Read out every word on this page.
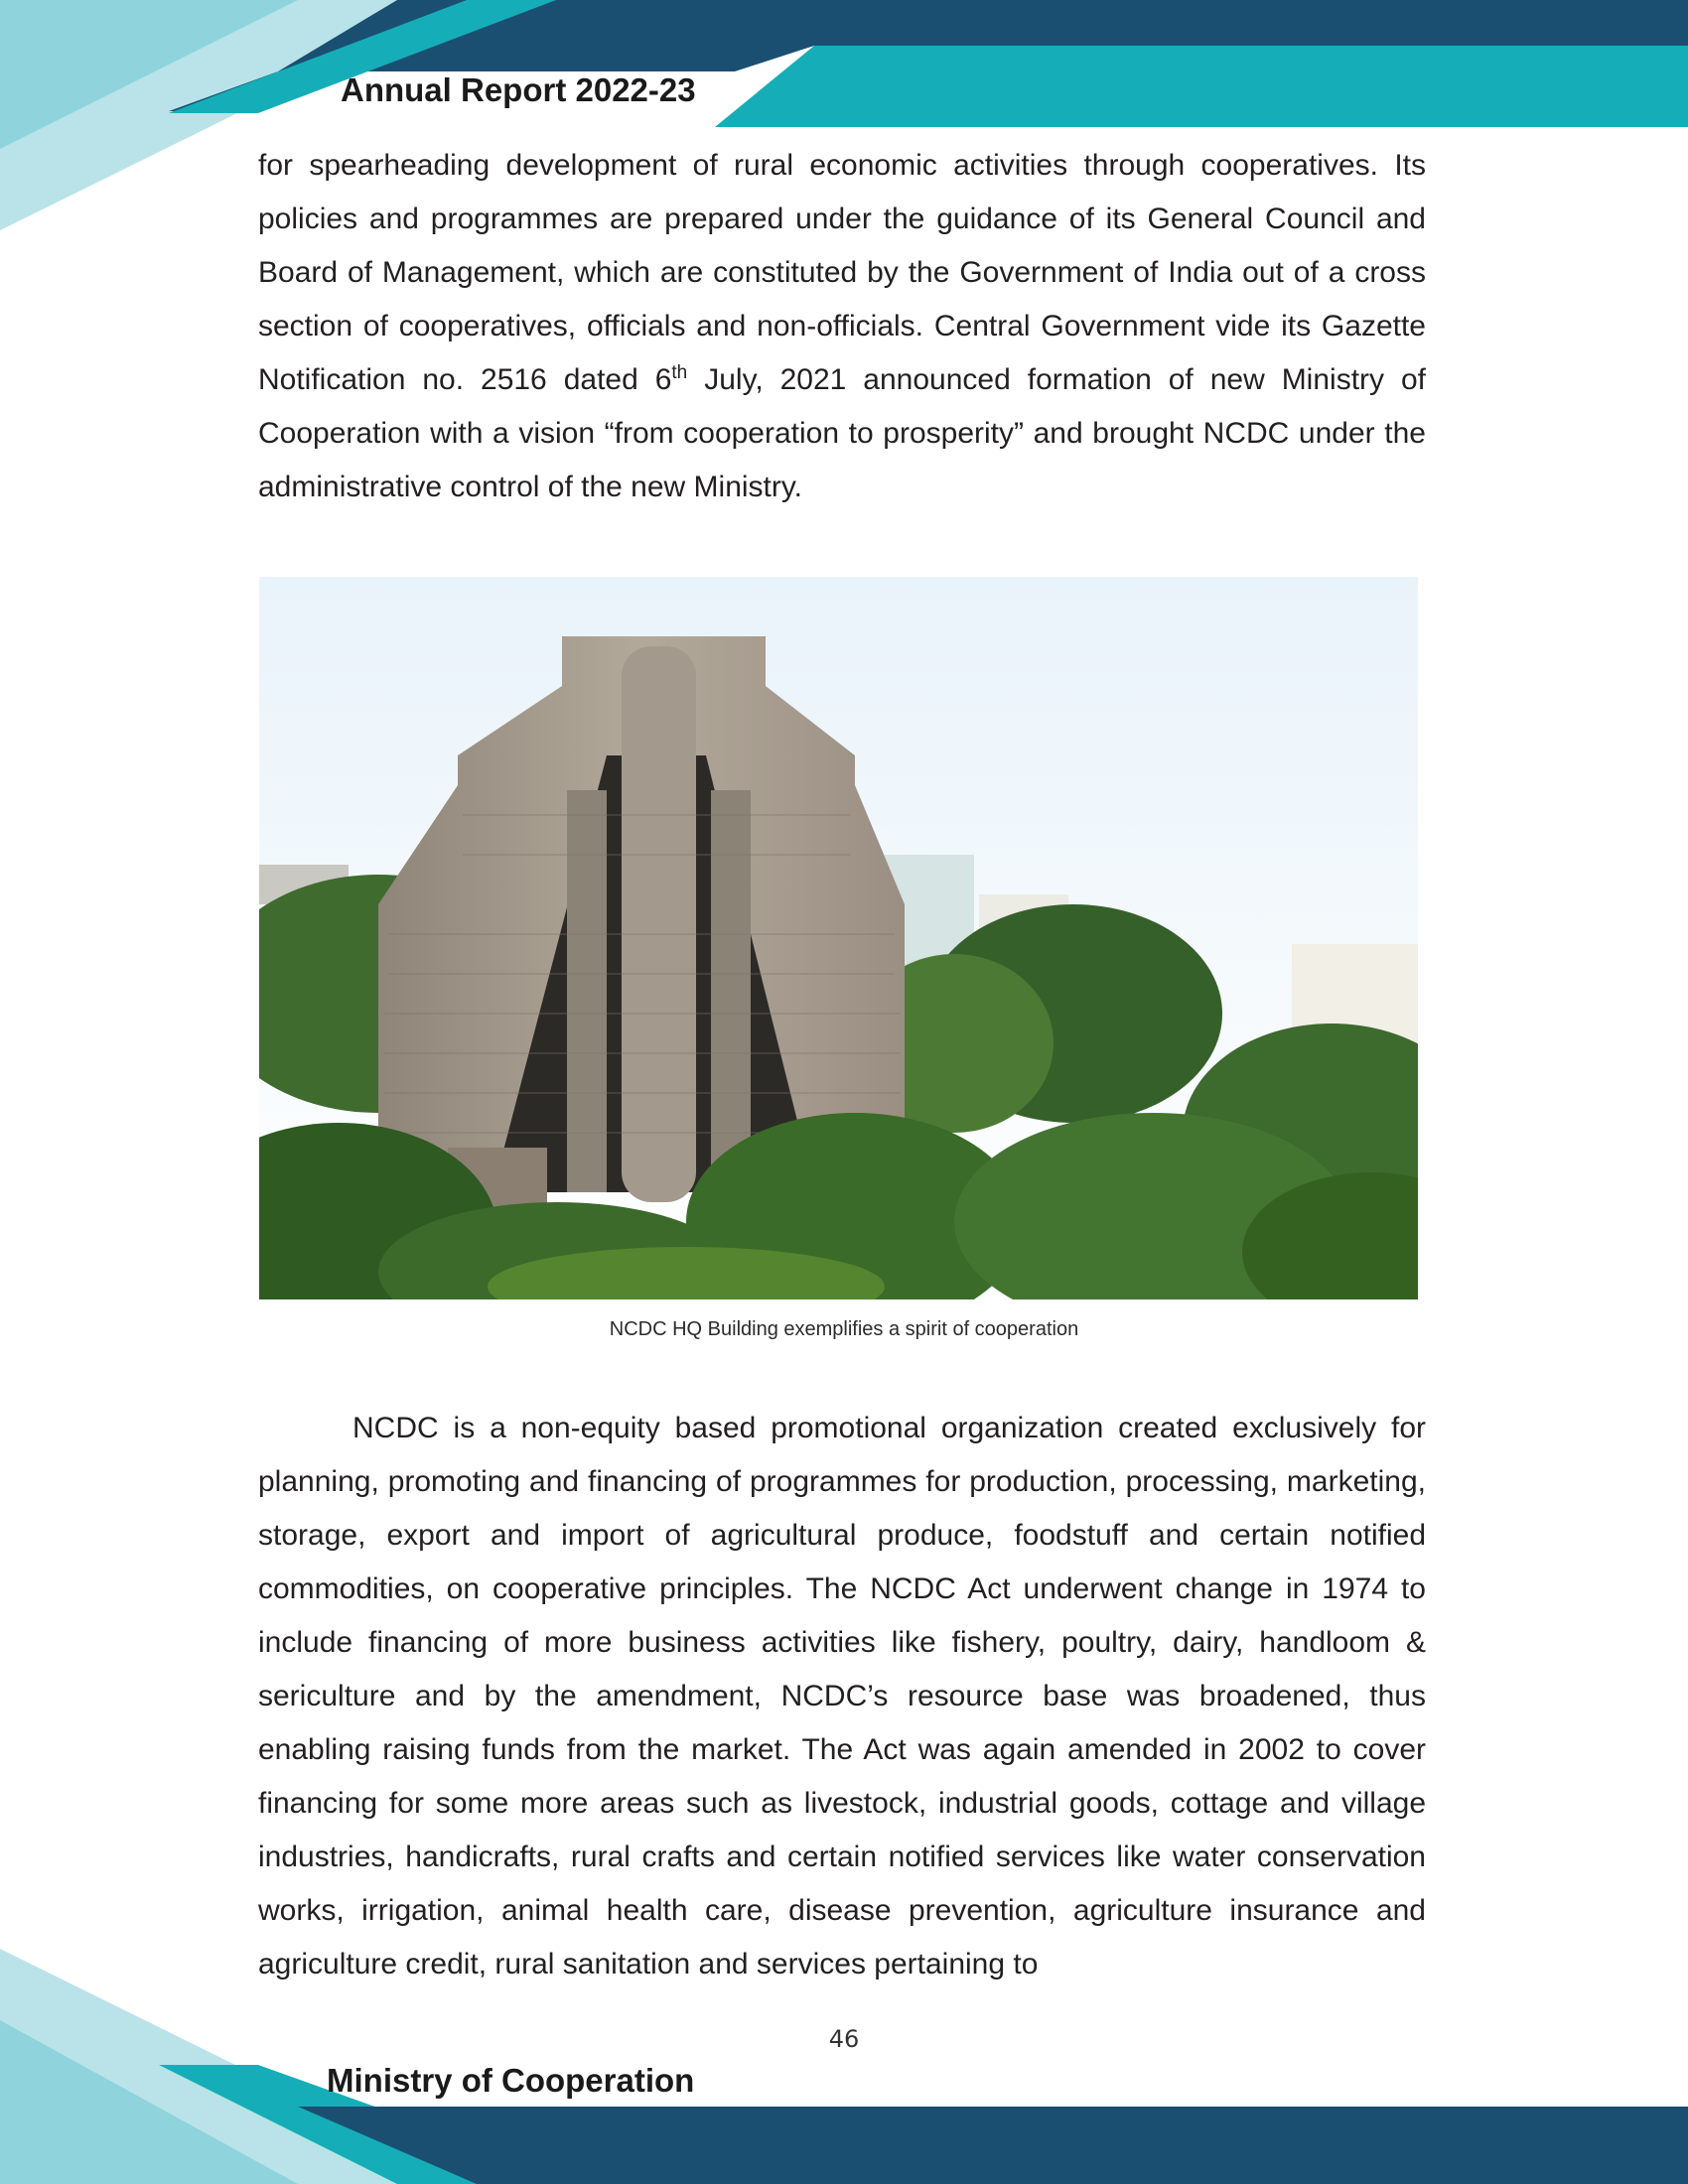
Annual Report 2022-23

for spearheading development of rural economic activities through cooperatives. Its policies and programmes are prepared under the guidance of its General Council and Board of Management, which are constituted by the Government of India out of a cross section of cooperatives, officials and non-officials. Central Government vide its Gazette Notification no. 2516 dated 6th July, 2021 announced formation of new Ministry of Cooperation with a vision “from cooperation to prosperity” and brought NCDC under the administrative control of the new Ministry.

NCDC HQ Building exemplifies a spirit of cooperation

NCDC is a non-equity based promotional organization created exclusively for planning, promoting and financing of programmes for production, processing, marketing, storage, export and import of agricultural produce, foodstuff and certain notified commodities, on cooperative principles. The NCDC Act underwent change in 1974 to include financing of more business activities like fishery, poultry, dairy, handloom & sericulture and by the amendment, NCDC’s resource base was broadened, thus enabling raising funds from the market. The Act was again amended in 2002 to cover financing for some more areas such as livestock, industrial goods, cottage and village industries, handicrafts, rural crafts and certain notified services like water conservation works, irrigation, animal health care, disease prevention, agriculture insurance and agriculture credit, rural sanitation and services pertaining to

46
Ministry of Cooperation
